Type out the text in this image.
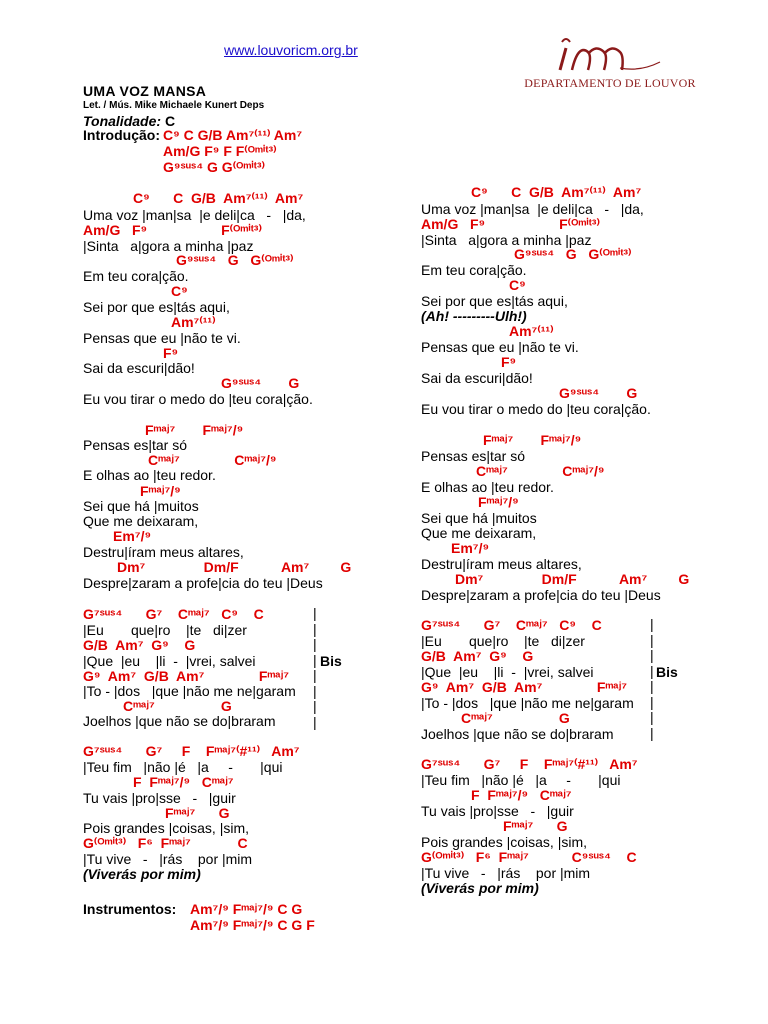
www.louvoricm.org.br
DEPARTAMENTO DE LOUVOR
UMA VOZ MANSA
Let. / Mús. Mike Michaele Kunert Deps
Tonalidade: C
Introdução: C⁹ C G/B Am⁷⁽¹¹⁾ Am⁷
Am/G F⁹ F F⁽ᴼᵐⁱᵗ³⁾
G⁹ˢᵘˢ⁴ G G⁽ᴼᵐⁱᵗ³⁾
C⁹      C  G/B  Am⁷⁽¹¹⁾  Am⁷
Uma voz |man|sa  |e deli|ca   -   |da,
Am/G   F⁹                   F⁽ᴼᵐⁱᵗ³⁾
|Sinta   a|gora a minha |paz
G⁹ˢᵘˢ⁴   G   G⁽ᴼᵐⁱᵗ³⁾
Em teu cora|ção.
C⁹
Sei por que es|tás aqui,
Am⁷⁽¹¹⁾
Pensas que eu |não te vi.
F⁹
Sai da escuri|dão!
G⁹ˢᵘˢ⁴       G
Eu vou tirar o medo do |teu cora|ção.
Fᵐᵃʲ⁷       Fᵐᵃʲ⁷/⁹
Pensas es|tar só
Cᵐᵃʲ⁷              Cᵐᵃʲ⁷/⁹
E olhas ao |teu redor.
Fᵐᵃʲ⁷/⁹
Sei que há |muitos
Que me deixaram,
Em⁷/⁹
Destru|íram meus altares,
Dm⁷               Dm/F           Am⁷        G
Despre|zaram a profe|cia do teu |Deus
G⁷ˢᵘˢ⁴      G⁷    Cᵐᵃʲ⁷   C⁹    C
|Eu       que|ro    |te   di|zer
G/B  Am⁷  G⁹    G
|Que  |eu    |li  -  |vrei, salvei
G⁹  Am⁷  G/B  Am⁷              Fᵐᵃʲ⁷
|To - |dos   |que |não me ne|garam
Cᵐᵃʲ⁷                 G
Joelhos |que não se do|braram
G⁷ˢᵘˢ⁴      G⁷     F    Fᵐᵃʲ⁷⁽#¹¹⁾   Am⁷
|Teu fim   |não |é   |a     -       |qui
F  Fᵐᵃʲ⁷/⁹   Cᵐᵃʲ⁷
Tu vais |pro|sse   -   |guir
Fᵐᵃʲ⁷      G
Pois grandes |coisas, |sim,
G⁽ᴼᵐⁱᵗ³⁾   F⁶  Fᵐᵃʲ⁷            C
|Tu vive   -   |rás    por |mim
(Viverás por mim)
C⁹      C  G/B  Am⁷⁽¹¹⁾  Am⁷
Uma voz |man|sa  |e deli|ca   -   |da,
Am/G   F⁹                   F⁽ᴼᵐⁱᵗ³⁾
|Sinta   a|gora a minha |paz
G⁹ˢᵘˢ⁴   G   G⁽ᴼᵐⁱᵗ³⁾
Em teu cora|ção.
C⁹
Sei por que es|tás aqui,
(Ah! ---------Ulh!)
Am⁷⁽¹¹⁾
Pensas que eu |não te vi.
F⁹
Sai da escuri|dão!
G⁹ˢᵘˢ⁴       G
Eu vou tirar o medo do |teu cora|ção.
Fᵐᵃʲ⁷       Fᵐᵃʲ⁷/⁹
Pensas es|tar só
Cᵐᵃʲ⁷              Cᵐᵃʲ⁷/⁹
E olhas ao |teu redor.
Fᵐᵃʲ⁷/⁹
Sei que há |muitos
Que me deixaram,
Em⁷/⁹
Destru|íram meus altares,
Dm⁷               Dm/F           Am⁷        G
Despre|zaram a profe|cia do teu |Deus
G⁷ˢᵘˢ⁴      G⁷    Cᵐᵃʲ⁷   C⁹    C
|Eu       que|ro    |te   di|zer
G/B  Am⁷  G⁹    G
|Que  |eu    |li  -  |vrei, salvei
G⁹  Am⁷  G/B  Am⁷              Fᵐᵃʲ⁷
|To - |dos   |que |não me ne|garam
Cᵐᵃʲ⁷                 G
Joelhos |que não se do|braram
G⁷ˢᵘˢ⁴      G⁷     F    Fᵐᵃʲ⁷⁽#¹¹⁾   Am⁷
|Teu fim   |não |é   |a     -       |qui
F  Fᵐᵃʲ⁷/⁹   Cᵐᵃʲ⁷
Tu vais |pro|sse   -   |guir
Fᵐᵃʲ⁷      G
Pois grandes |coisas, |sim,
G⁽ᴼᵐⁱᵗ³⁾   F⁶  Fᵐᵃʲ⁷           C⁹ˢᵘˢ⁴    C
|Tu vive   -   |rás    por |mim
(Viverás por mim)
|
|
|
|
|
|
|
|
Bis
|
|
|
|
|
|
|
|
Bis
Instrumentos: Am⁷/⁹ Fᵐᵃʲ⁷/⁹ C G
Am⁷/⁹ Fᵐᵃʲ⁷/⁹ C G F
